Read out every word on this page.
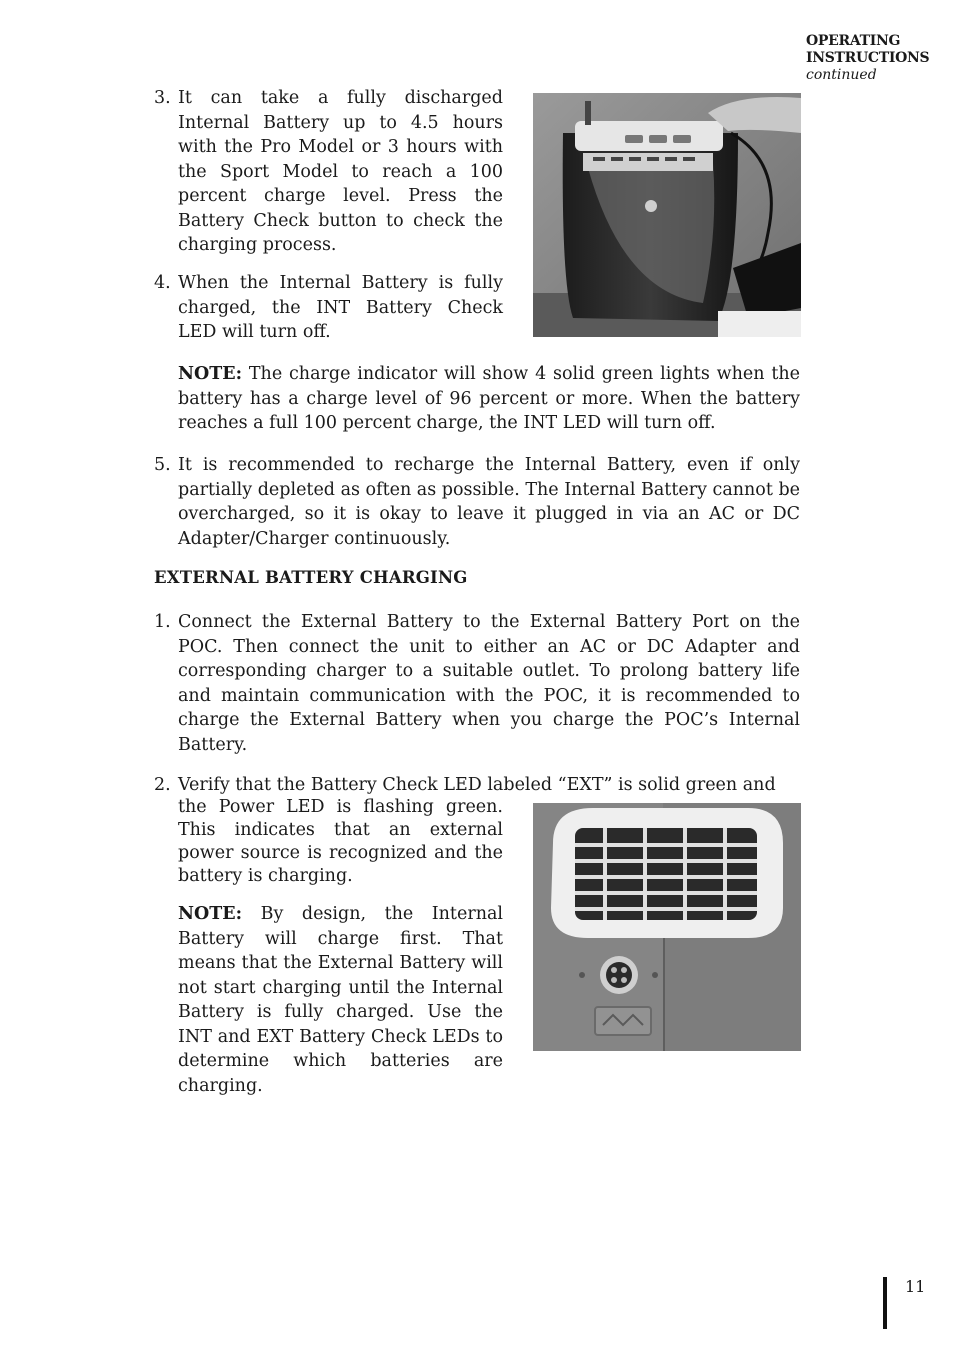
OPERATING
INSTRUCTIONS
continued
3. It can take a fully discharged Internal Battery up to 4.5 hours with the Pro Model or 3 hours with the Sport Model to reach a 100 percent charge level. Press the Battery Check button to check the charging process.
4. When the Internal Battery is fully charged, the INT Battery Check LED will turn off.
NOTE: The charge indicator will show 4 solid green lights when the battery has a charge level of 96 percent or more. When the battery reaches a full 100 percent charge, the INT LED will turn off.
5. It is recommended to recharge the Internal Battery, even if only partially depleted as often as possible. The Internal Battery cannot be overcharged, so it is okay to leave it plugged in via an AC or DC Adapter/Charger continuously.
EXTERNAL BATTERY CHARGING
1. Connect the External Battery to the External Battery Port on the POC. Then connect the unit to either an AC or DC Adapter and corresponding charger to a suitable outlet. To prolong battery life and maintain communication with the POC, it is recommended to charge the External Battery when you charge the POC’s Internal Battery.
2. Verify that the Battery Check LED labeled “EXT” is solid green and
the Power LED is flashing green. This indicates that an external power source is recognized and the battery is charging.
NOTE: By design, the Internal Battery will charge first. That means that the External Battery will not start charging until the Internal Battery is fully charged. Use the INT and EXT Battery Check LEDs to determine which batteries are charging.
11
